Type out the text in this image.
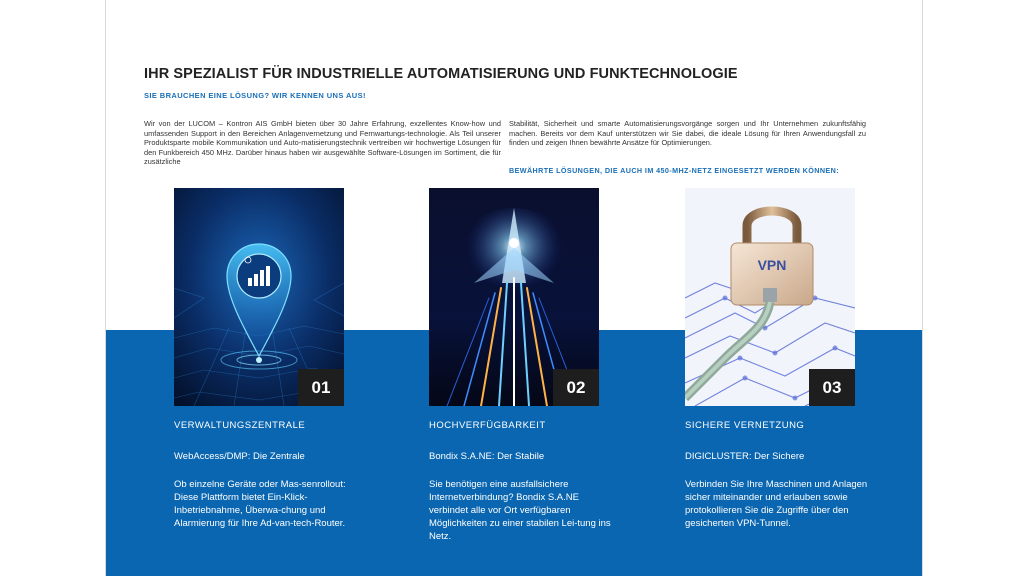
IHR SPEZIALIST FÜR INDUSTRIELLE AUTOMATISIERUNG UND FUNKTECHNOLOGIE
SIE BRAUCHEN EINE LÖSUNG? WIR KENNEN UNS AUS!

Wir von der LUCOM – Kontron AIS GmbH bieten über 30 Jahre Erfahrung, exzellentes Know-how und umfassenden Support in den Bereichen Anlagenvernetzung und Fernwartungs-technologie. Als Teil unserer Produktsparte mobile Kommunikation und Auto-matisierungstechnik vertreiben wir hochwertige Lösungen für den Funkbereich 450 MHz. Darüber hinaus haben wir ausgewählte Software-Lösungen im Sortiment, die für zusätzliche

Stabilität, Sicherheit und smarte Automatisierungsvorgänge sorgen und Ihr Unternehmen zukunftsfähig machen. Bereits vor dem Kauf unterstützen wir Sie dabei, die ideale Lösung für Ihren Anwendungsfall zu finden und zeigen Ihnen bewährte Ansätze für Optimierungen.

BEWÄHRTE LÖSUNGEN, DIE AUCH IM 450-MHZ-NETZ EINGESETZT WERDEN KÖNNEN:
01
VERWALTUNGSZENTRALE
WebAccess/DMP: Die Zentrale

Ob einzelne Geräte oder Mas-senrollout: Diese Plattform bietet Ein-Klick-Inbetriebnahme, Überwa-chung und Alarmierung für Ihre Ad-van-tech-Router.

02
HOCHVERFÜGBARKEIT
Bondix S.A.NE: Der Stabile

Sie benötigen eine ausfallsichere Internetverbindung? Bondix S.A.NE verbindet alle vor Ort verfügbaren Möglichkeiten zu einer stabilen Lei-tung ins Netz.

VPN
03
SICHERE VERNETZUNG
DIGICLUSTER: Der Sichere

Verbinden Sie Ihre Maschinen und Anlagen sicher miteinander und erlauben sowie protokollieren Sie die Zugriffe über den gesicherten VPN-Tunnel.
